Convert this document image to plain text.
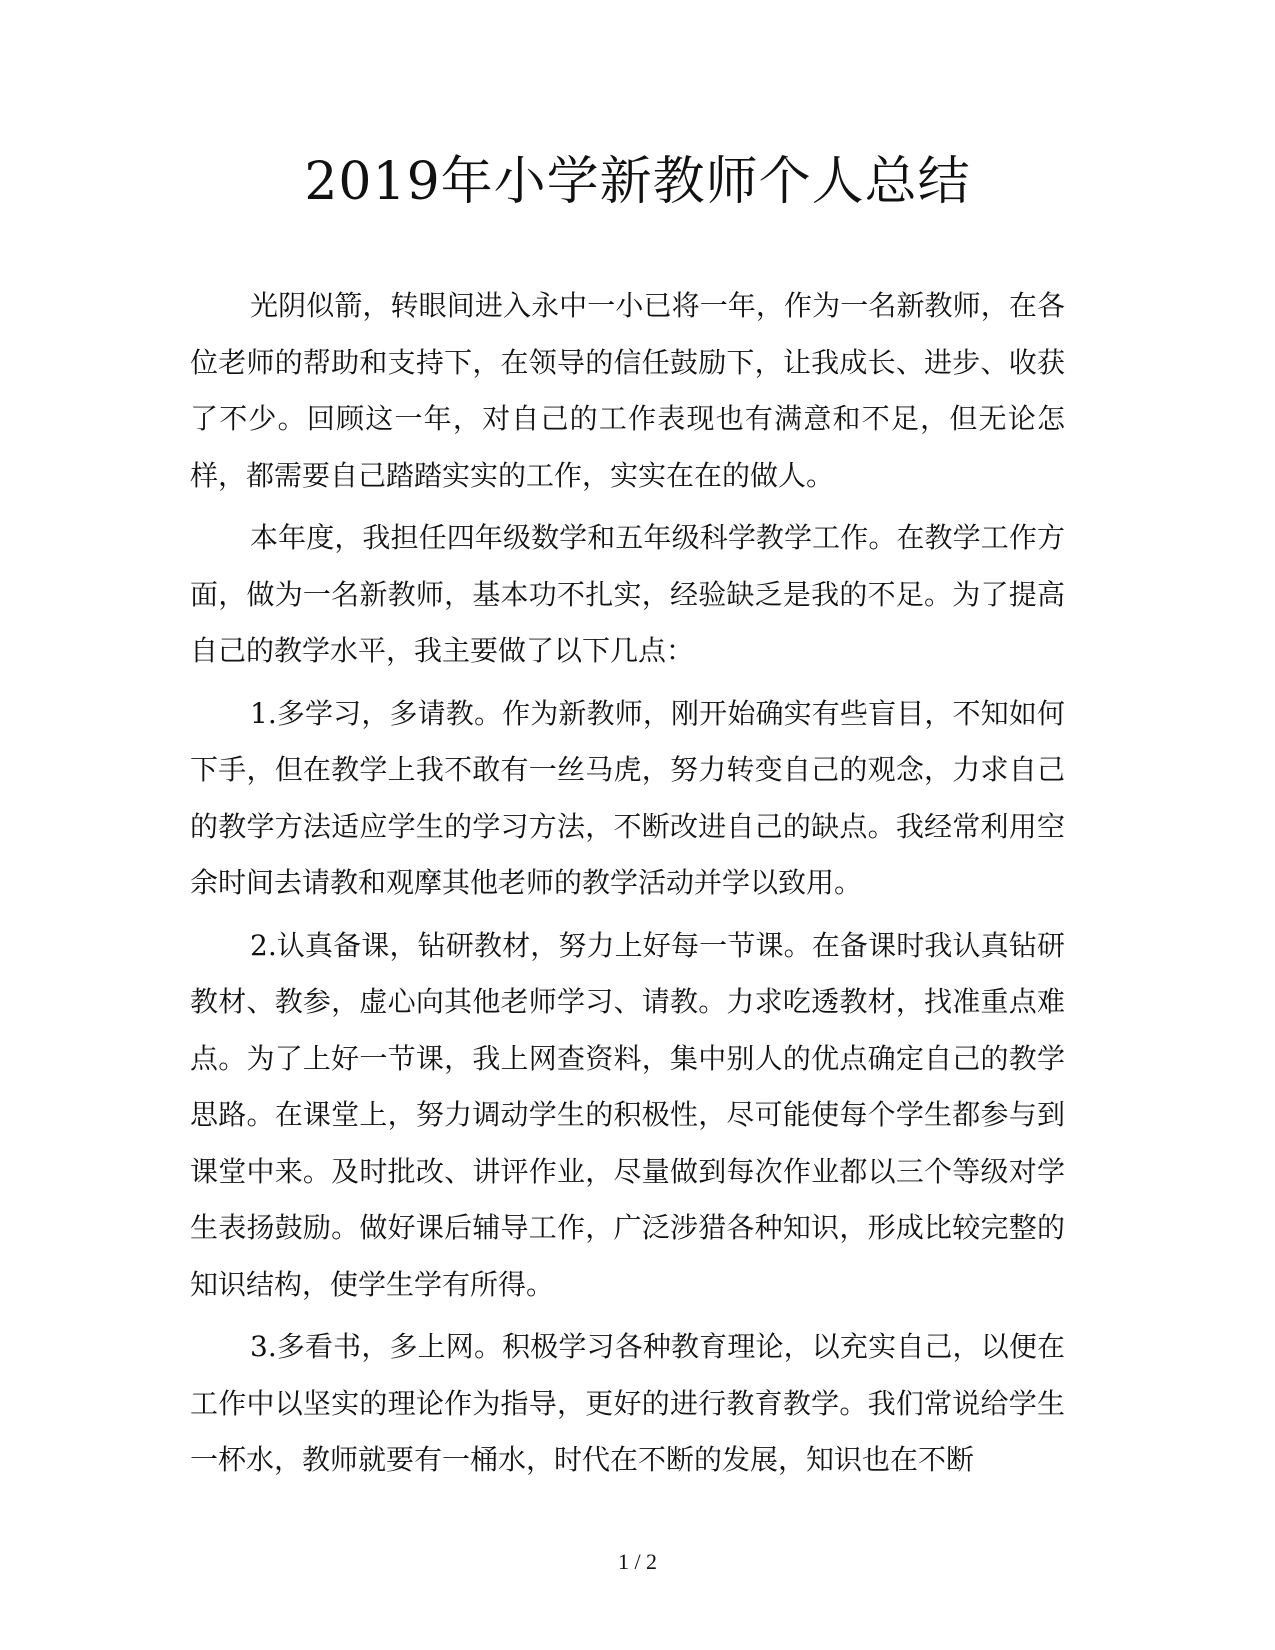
2019年小学新教师个人总结

光阴似箭，转眼间进入永中一小已将一年，作为一名新教师，在各位老师的帮助和支持下，在领导的信任鼓励下，让我成长、进步、收获了不少。回顾这一年，对自己的工作表现也有满意和不足，但无论怎样，都需要自己踏踏实实的工作，实实在在的做人。

本年度，我担任四年级数学和五年级科学教学工作。在教学工作方面，做为一名新教师，基本功不扎实，经验缺乏是我的不足。为了提高自己的教学水平，我主要做了以下几点：

1.多学习，多请教。作为新教师，刚开始确实有些盲目，不知如何下手，但在教学上我不敢有一丝马虎，努力转变自己的观念，力求自己的教学方法适应学生的学习方法，不断改进自己的缺点。我经常利用空余时间去请教和观摩其他老师的教学活动并学以致用。

2.认真备课，钻研教材，努力上好每一节课。在备课时我认真钻研教材、教参，虚心向其他老师学习、请教。力求吃透教材，找准重点难点。为了上好一节课，我上网查资料，集中别人的优点确定自己的教学思路。在课堂上，努力调动学生的积极性，尽可能使每个学生都参与到课堂中来。及时批改、讲评作业，尽量做到每次作业都以三个等级对学生表扬鼓励。做好课后辅导工作，广泛涉猎各种知识，形成比较完整的知识结构，使学生学有所得。

3.多看书，多上网。积极学习各种教育理论，以充实自己，以便在工作中以坚实的理论作为指导，更好的进行教育教学。我们常说给学生一杯水，教师就要有一桶水，时代在不断的发展，知识也在不断

1 / 2
